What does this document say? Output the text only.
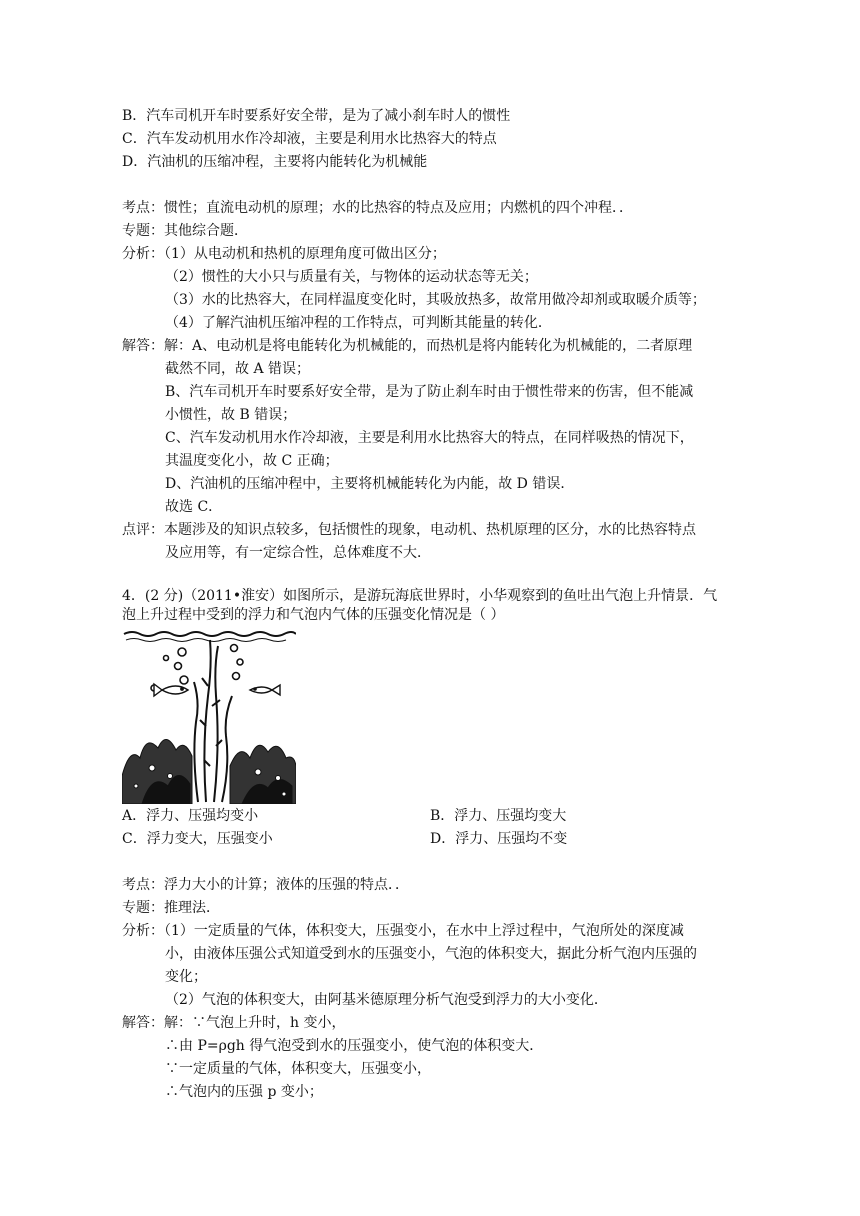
B．汽车司机开车时要系好安全带，是为了减小刹车时人的惯性
C．汽车发动机用水作冷却液，主要是利用水比热容大的特点
D．汽油机的压缩冲程，主要将内能转化为机械能
考点：惯性；直流电动机的原理；水的比热容的特点及应用；内燃机的四个冲程．．
专题：其他综合题．
分析：（1）从电动机和热机的原理角度可做出区分；
（2）惯性的大小只与质量有关，与物体的运动状态等无关；
（3）水的比热容大，在同样温度变化时，其吸放热多，故常用做冷却剂或取暖介质等；
（4）了解汽油机压缩冲程的工作特点，可判断其能量的转化．
解答：解：A、电动机是将电能转化为机械能的，而热机是将内能转化为机械能的，二者原理
截然不同，故 A 错误；
B、汽车司机开车时要系好安全带，是为了防止刹车时由于惯性带来的伤害，但不能减
小惯性，故 B 错误；
C、汽车发动机用水作冷却液，主要是利用水比热容大的特点，在同样吸热的情况下，
其温度变化小，故 C 正确；
D、汽油机的压缩冲程中，主要将机械能转化为内能，故 D 错误．
故选 C．
点评：本题涉及的知识点较多，包括惯性的现象，电动机、热机原理的区分，水的比热容特点
及应用等，有一定综合性，总体难度不大．
4．(2 分)（2011•淮安）如图所示，是游玩海底世界时，小华观察到的鱼吐出气泡上升情景．气
泡上升过程中受到的浮力和气泡内气体的压强变化情况是（ ）
A．浮力、压强均变小	B．浮力、压强均变大
C．浮力变大，压强变小	D．浮力、压强均不变
考点：浮力大小的计算；液体的压强的特点．．
专题：推理法．
分析：（1）一定质量的气体，体积变大，压强变小，在水中上浮过程中，气泡所处的深度减
小，由液体压强公式知道受到水的压强变小，气泡的体积变大，据此分析气泡内压强的
变化；
（2）气泡的体积变大，由阿基米德原理分析气泡受到浮力的大小变化．
解答：解：∵气泡上升时，h 变小，
∴由 P=ρgh 得气泡受到水的压强变小，使气泡的体积变大．
∵一定质量的气体，体积变大，压强变小，
∴气泡内的压强 p 变小；
